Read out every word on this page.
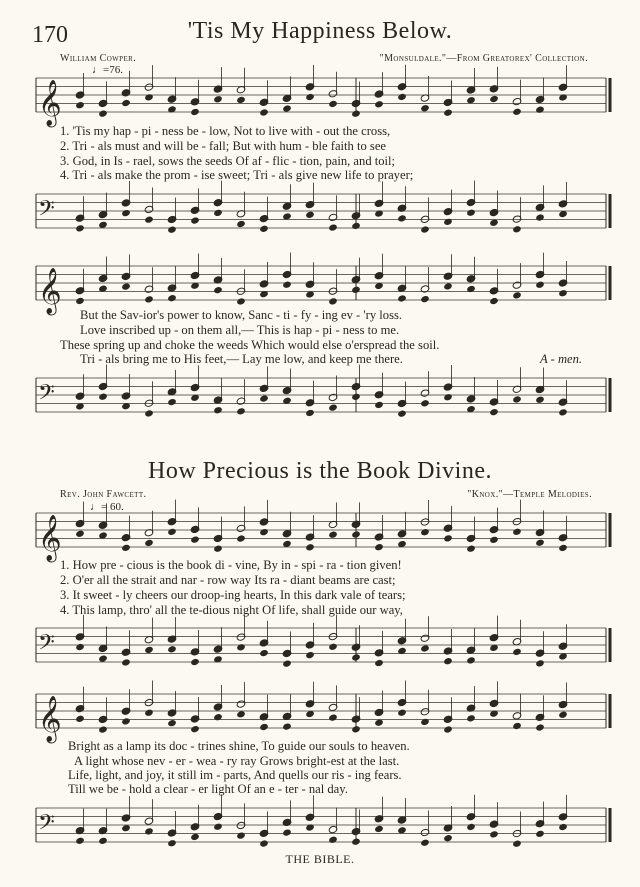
170	'Tis My Happiness Below.
William Cowper.	"Monsuldale."—From Greatorex' Collection.
♩=76.
𝄞
1. 'Tis my hap - pi - ness be - low, Not to live with - out the cross,
2. Tri - als must and will be - fall; But with hum - ble faith to see
3. God, in Is - rael, sows the seeds Of af - flic - tion, pain, and toil;
4. Tri - als make the prom - ise sweet; Tri - als give new life to prayer;
𝄢
𝄞
But the Sav-ior's power to know, Sanc - ti - fy - ing ev - 'ry loss.
Love inscribed up - on them all,— This is hap - pi - ness to me.
These spring up and choke the weeds Which would else o'erspread the soil.
Tri - als bring me to His feet,— Lay me low, and keep me there.	A - men.
𝄢
How Precious is the Book Divine.
Rev. John Fawcett.	"Knox."—Temple Melodies.
♩= 60.
𝄞
1. How pre - cious is the book di - vine, By in - spi - ra - tion given!
2. O'er all the strait and nar - row way Its ra - diant beams are cast;
3. It sweet - ly cheers our droop-ing hearts, In this dark vale of tears;
4. This lamp, thro' all the te-dious night Of life, shall guide our way,
𝄢
𝄞
Bright as a lamp its doc - trines shine, To guide our souls to heaven.
A light whose nev - er - wea - ry ray Grows bright-est at the last.
Life, light, and joy, it still im - parts, And quells our ris - ing fears.
Till we be - hold a clear - er light Of an e - ter - nal day.
𝄢
THE BIBLE.
